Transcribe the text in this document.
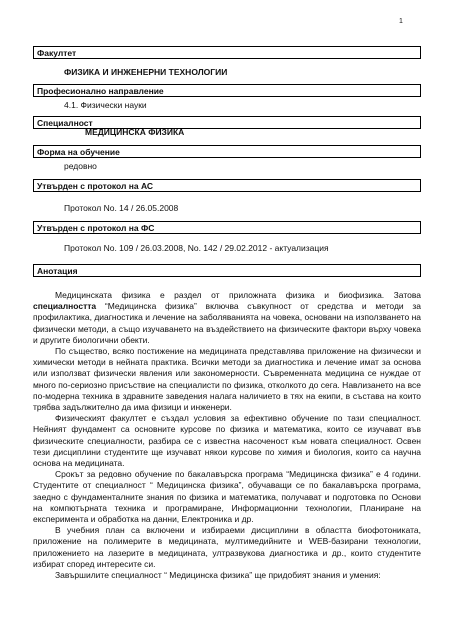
1
Факултет
ФИЗИКА И ИНЖЕНЕРНИ ТЕХНОЛОГИИ
Професионално направление
4.1. Физически науки
Специалност
МЕДИЦИНСКА ФИЗИКА
Форма на обучение
редовно
Утвърден с протокол на АС
Протокол No. 14 / 26.05.2008
Утвърден с протокол на ФС
Протокол No. 109 / 26.03.2008, No. 142 / 29.02.2012 - актуализация
Анотация

Медицинската физика е раздел от приложната физика и биофизика. Затова специалността “Медицинска физика” включва съвкупност от средства и методи за профилактика, диагностика и лечение на заболяванията на човека, основани на използването на физически методи, а също изучаването на въздействието на физическите фактори върху човека и другите биологични обекти.

По същество, всяко постижение на медицината представлява приложение на физически и химически методи в нейната практика. Всички методи за диагностика и лечение имат за основа или използват физически явления или закономерности. Съвременната медицина се нуждае от много по-сериозно присъствие на специалисти по физика, отколкото до сега. Навлизането на все по-модерна техника в здравните заведения налага наличието в тях на екипи, в състава на които трябва задължително да има физици и инженери.

Физическият факултет е създал условия за ефективно обучение по тази специалност. Нейният фундамент са основните курсове по физика и математика, които се изучават във физическите специалности, разбира се с известна насоченост към новата специалност. Освен тези дисциплини студентите ще изучават някои курсове по химия и биология, които са научна основа на медицината.

Срокът за редовно обучение по бакалавърска програма “Медицинска физика” е 4 години. Студентите от специалност “ Медицинска физика”, обучаващи се по бакалавърска програма, заедно с фундаменталните знания по физика и математика, получават и подготовка по Основи на компютърната техника и програмиране, Информационни технологии, Планиране на експеримента и обработка на данни, Електроника и др.

В учебния план са включени и избираеми дисциплини в областта биофотониката, приложение на полимерите в медицината, мултимедийните и WEB-базирани технологии, приложението на лазерите в медицината, ултразвукова диагностика и др., които студентите избират според интересите си.

Завършилите специалност “ Медицинска физика” ще придобият знания и умения:
